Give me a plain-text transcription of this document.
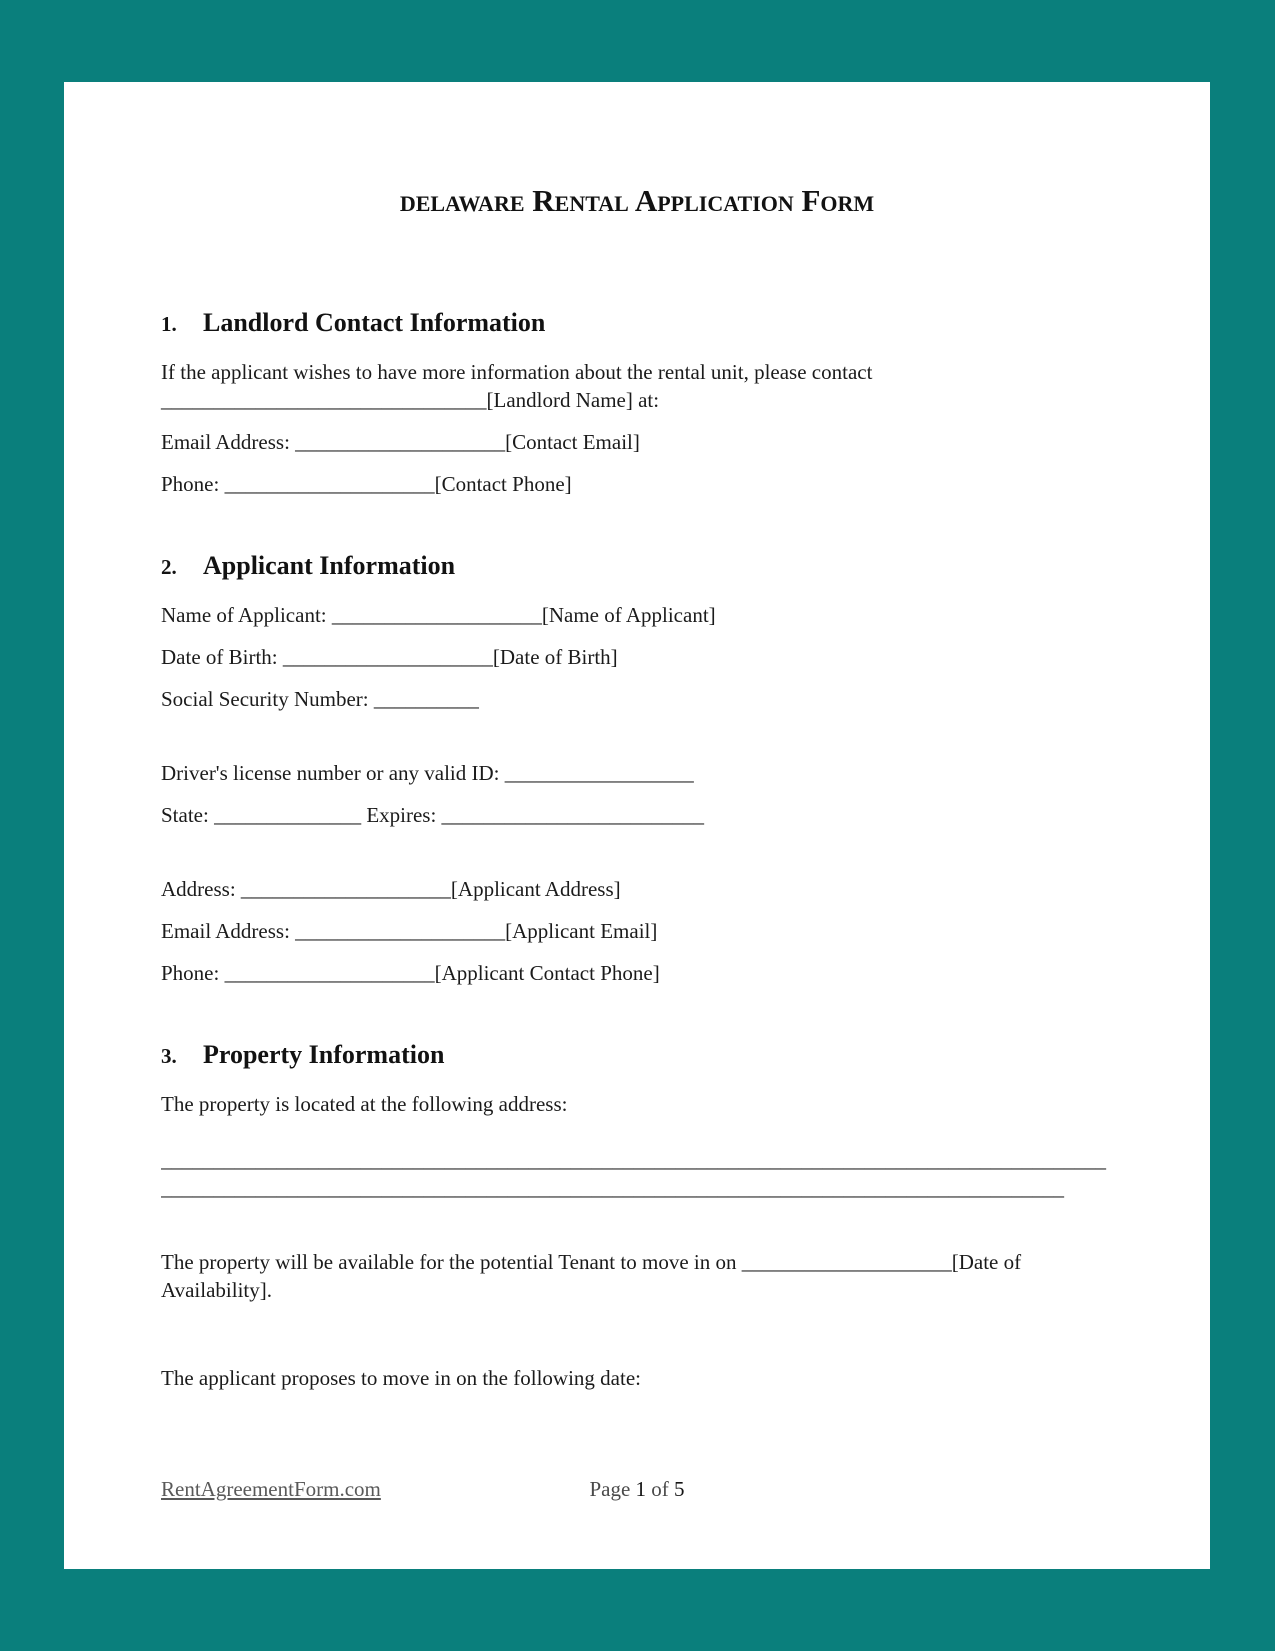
delaware Rental Application Form
1.	Landlord Contact Information

If the applicant wishes to have more information about the rental unit, please contact _______________________________[Landlord Name] at:

Email Address: ____________________[Contact Email]

Phone: ____________________[Contact Phone]

2.	Applicant Information

Name of Applicant: ____________________[Name of Applicant]

Date of Birth: ____________________[Date of Birth]

Social Security Number: __________

Driver's license number or any valid ID: __________________

State: ______________ Expires: _________________________

Address: ____________________[Applicant Address]

Email Address: ____________________[Applicant Email]

Phone: ____________________[Applicant Contact Phone]

3.	Property Information

The property is located at the following address:

__________________________________________________________________________________________

______________________________________________________________________________________

The property will be available for the potential Tenant to move in on ____________________[Date of Availability].

The applicant proposes to move in on the following date:

RentAgreementForm.com	Page 1 of 5
